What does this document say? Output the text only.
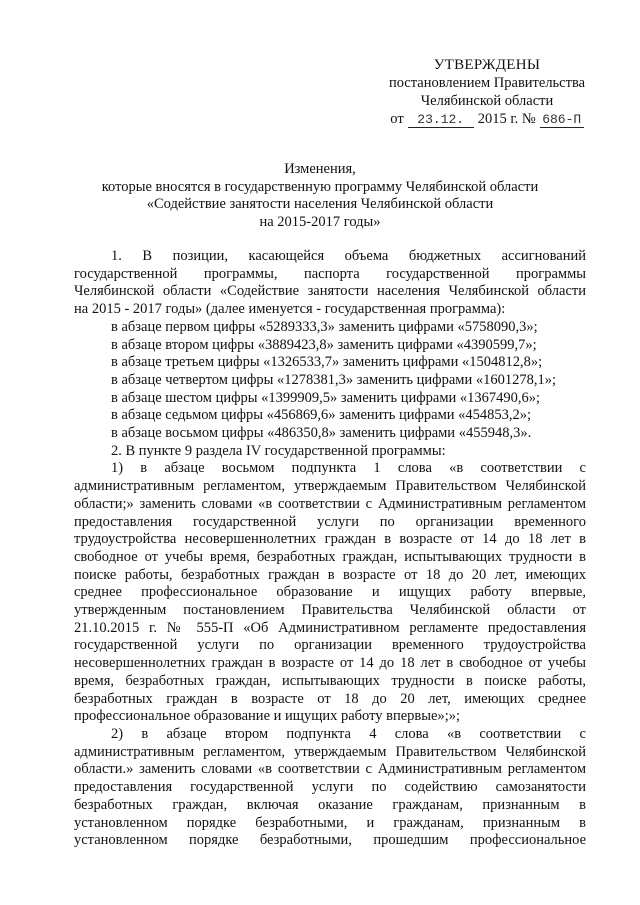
УТВЕРЖДЕНЫ
постановлением Правительства
Челябинской области
от	23.12. 2015 г. № 686-П
Изменения,
которые вносятся в государственную программу Челябинской области
«Содействие занятости населения Челябинской области
на 2015-2017 годы»

1. В позиции, касающейся объема бюджетных ассигнований

государственной программы, паспорта государственной программы

Челябинской области «Содействие занятости населения Челябинской области

на 2015 - 2017 годы» (далее именуется - государственная программа):

в абзаце первом цифры «5289333,3» заменить цифрами «5758090,3»;

в абзаце втором цифры «3889423,8» заменить цифрами «4390599,7»;

в абзаце третьем цифры «1326533,7» заменить цифрами «1504812,8»;

в абзаце четвертом цифры «1278381,3» заменить цифрами «1601278,1»;

в абзаце шестом цифры «1399909,5» заменить цифрами «1367490,6»;

в абзаце седьмом цифры «456869,6» заменить цифрами «454853,2»;

в абзаце восьмом цифры «486350,8» заменить цифрами «455948,3».

2. В пункте 9 раздела IV государственной программы:

1) в абзаце восьмом подпункта 1 слова «в соответствии с

административным регламентом, утверждаемым Правительством Челябинской

области;» заменить словами «в соответствии с Административным регламентом

предоставления государственной услуги по организации временного

трудоустройства несовершеннолетних граждан в возрасте от 14 до 18 лет в

свободное от учебы время, безработных граждан, испытывающих трудности в

поиске работы, безработных граждан в возрасте от 18 до 20 лет, имеющих

среднее профессиональное образование и ищущих работу впервые,

утвержденным постановлением Правительства Челябинской области от

21.10.2015 г. № 555-П «Об Административном регламенте предоставления

государственной услуги по организации временного трудоустройства

несовершеннолетних граждан в возрасте от 14 до 18 лет в свободное от учебы

время, безработных граждан, испытывающих трудности в поиске работы,

безработных граждан в возрасте от 18 до 20 лет, имеющих среднее

профессиональное образование и ищущих работу впервые»;»;

2) в абзаце втором подпункта 4 слова «в соответствии с

административным регламентом, утверждаемым Правительством Челябинской

области.» заменить словами «в соответствии с Административным регламентом

предоставления государственной услуги по содействию самозанятости

безработных граждан, включая оказание гражданам, признанным в

установленном порядке безработными, и гражданам, признанным в

установленном порядке безработными, прошедшим профессиональное
